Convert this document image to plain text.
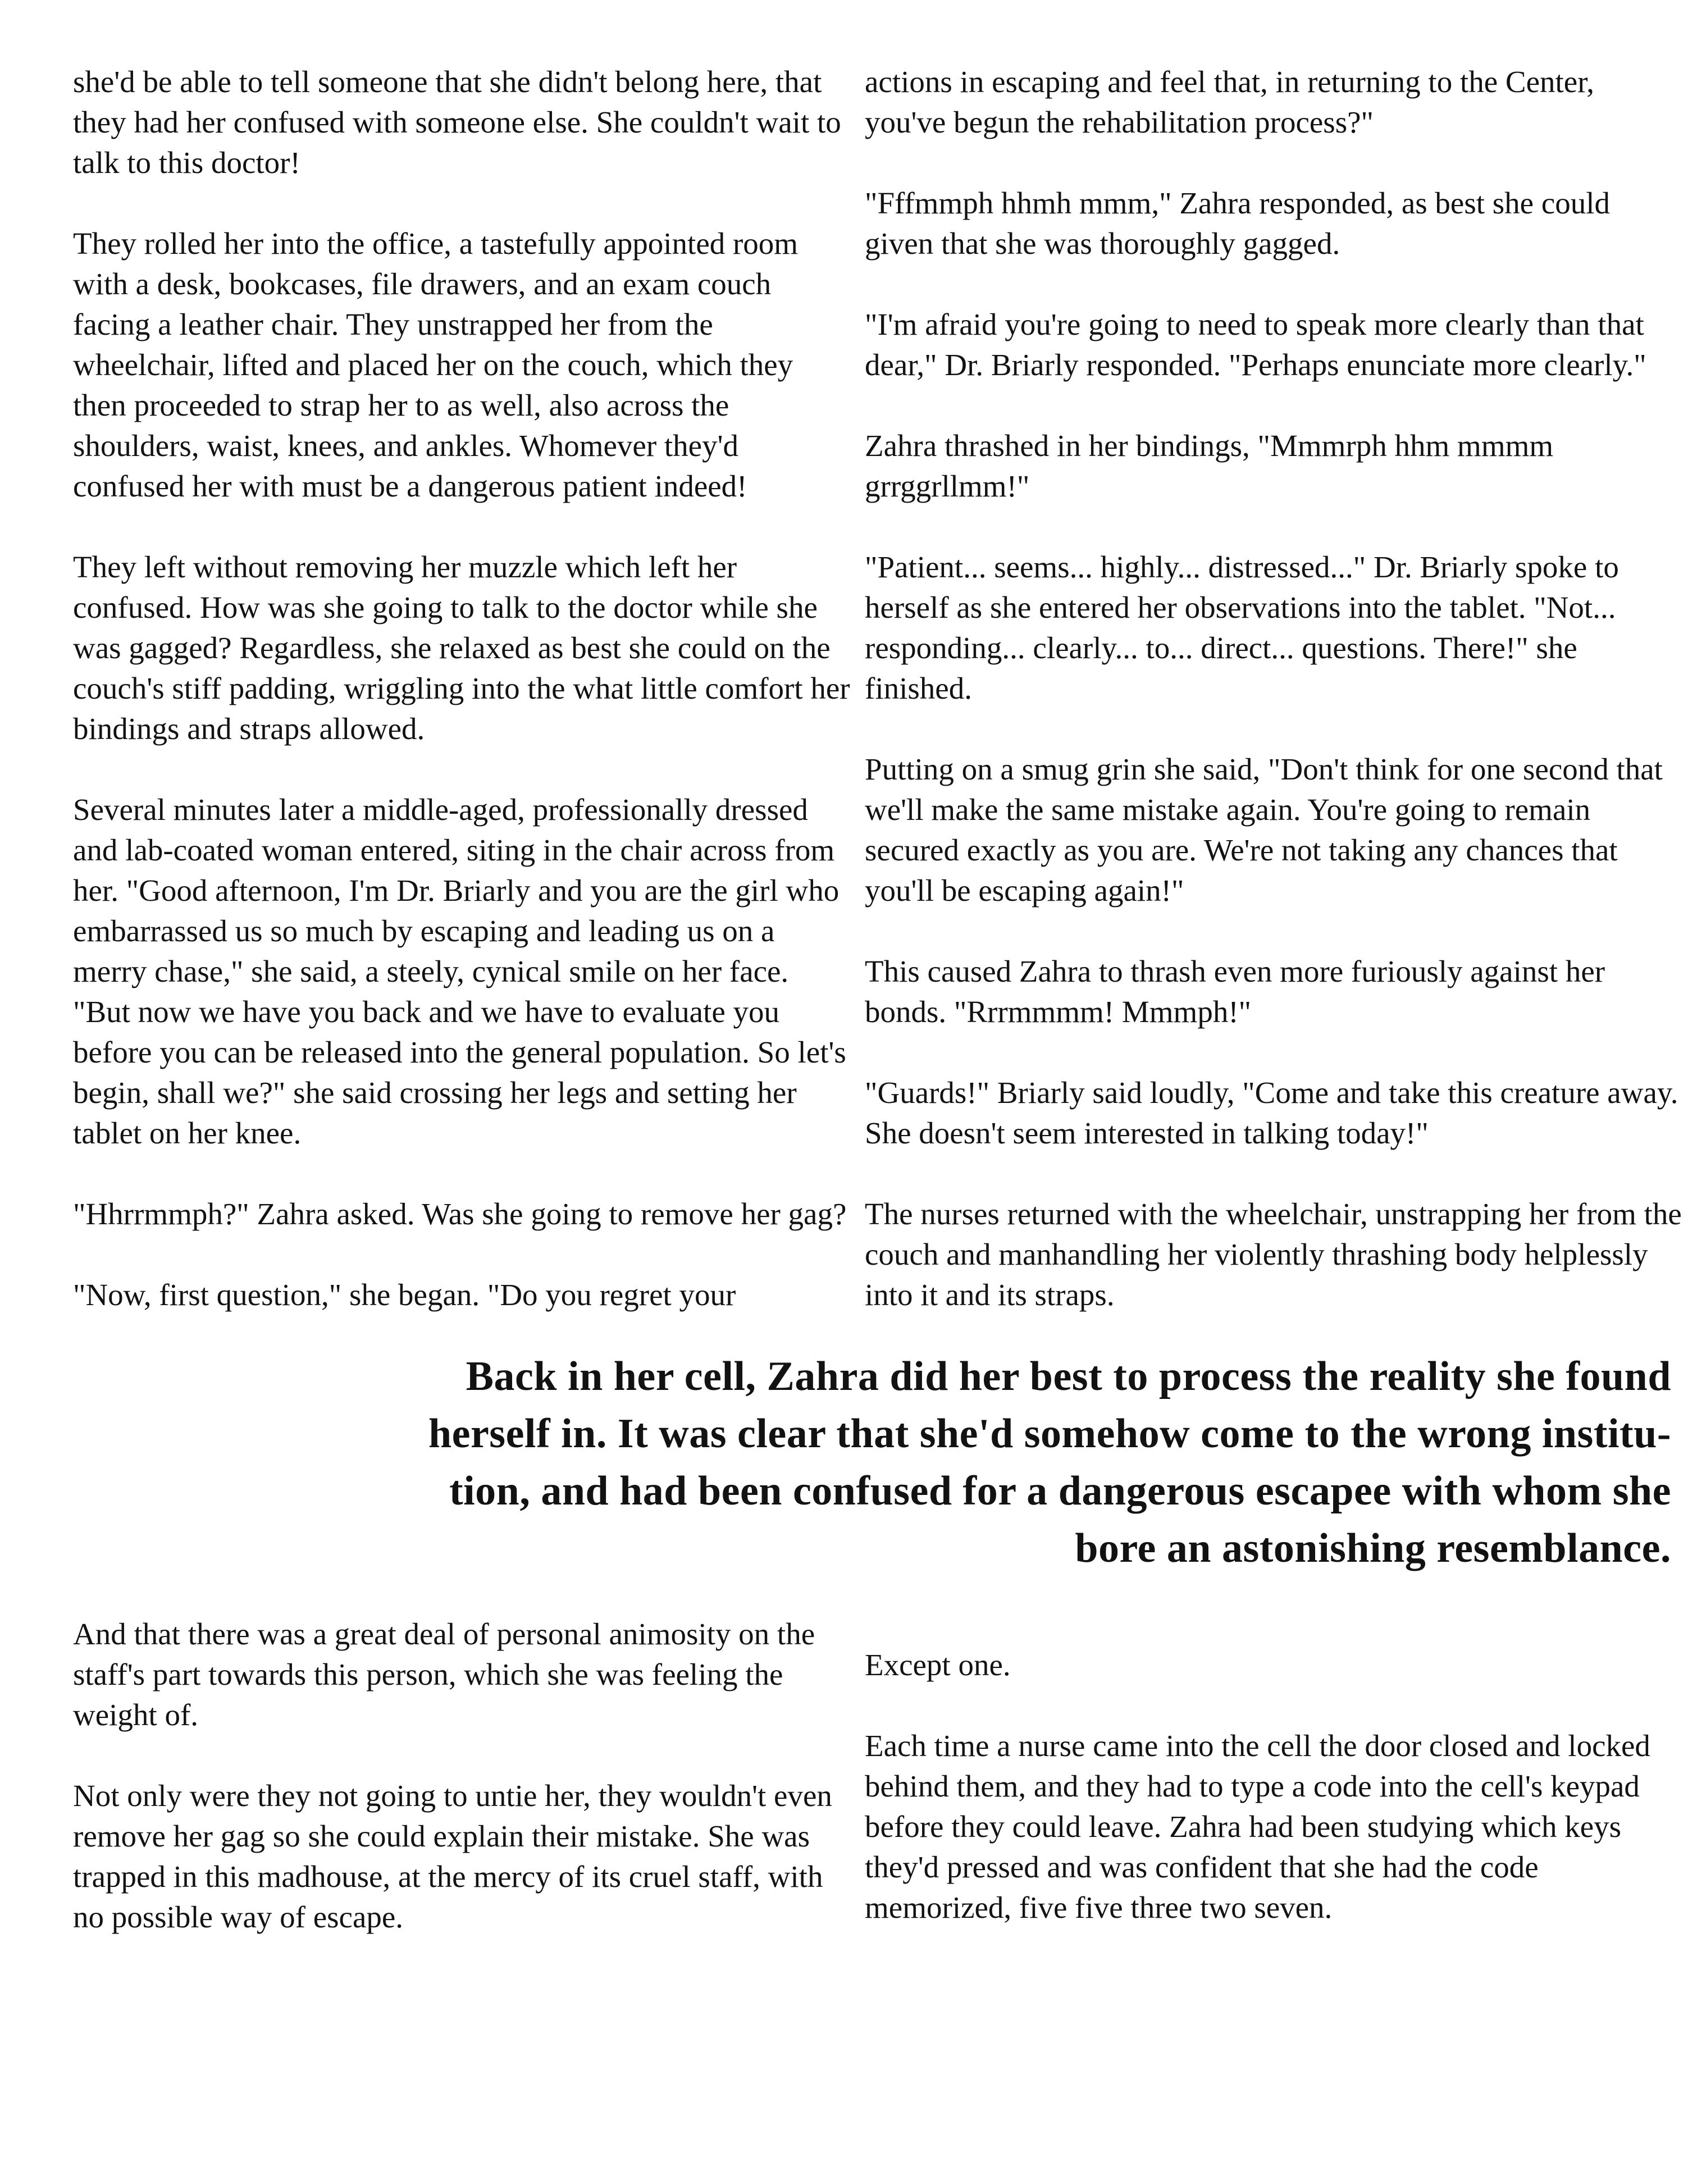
she'd be able to tell someone that she didn't belong here, that they had her confused with someone else. She couldn't wait to talk to this doctor!

They rolled her into the office, a tastefully appointed room with a desk, bookcases, file drawers, and an exam couch facing a leather chair. They unstrapped her from the wheelchair, lifted and placed her on the couch, which they then proceeded to strap her to as well, also across the shoulders, waist, knees, and ankles. Whomever they'd confused her with must be a dangerous patient indeed!

They left without removing her muzzle which left her confused. How was she going to talk to the doctor while she was gagged? Regardless, she relaxed as best she could on the couch's stiff padding, wriggling into the what little comfort her bindings and straps allowed.

Several minutes later a middle-aged, professionally dressed and lab-coated woman entered, siting in the chair across from her. "Good afternoon, I'm Dr. Briarly and you are the girl who embarrassed us so much by escaping and leading us on a merry chase," she said, a steely, cynical smile on her face. "But now we have you back and we have to evaluate you before you can be released into the general population. So let's begin, shall we?" she said crossing her legs and setting her tablet on her knee.

"Hhrrmmph?" Zahra asked. Was she going to remove her gag?

"Now, first question," she began. "Do you regret your

actions in escaping and feel that, in returning to the Center, you've begun the rehabilitation process?"

"Fffmmph hhmh mmm," Zahra responded, as best she could given that she was thoroughly gagged.

"I'm afraid you're going to need to speak more clearly than that dear," Dr. Briarly responded. "Perhaps enunciate more clearly."

Zahra thrashed in her bindings, "Mmmrph hhm mmmm grrggrllmm!"

"Patient... seems... highly... distressed..." Dr. Briarly spoke to herself as she entered her observations into the tablet. "Not... responding... clearly... to... direct... questions. There!" she finished.

Putting on a smug grin she said, "Don't think for one second that we'll make the same mistake again. You're going to remain secured exactly as you are. We're not taking any chances that you'll be escaping again!"

This caused Zahra to thrash even more furiously against her bonds. "Rrrmmmm! Mmmph!"

"Guards!" Briarly said loudly, "Come and take this creature away. She doesn't seem interested in talking today!"

The nurses returned with the wheelchair, unstrapping her from the couch and manhandling her violently thrashing body helplessly into it and its straps.

Back in her cell, Zahra did her best to process the reality she found
herself in. It was clear that she'd somehow come to the wrong institu-
tion, and had been confused for a dangerous escapee with whom she
bore an astonishing resemblance.

And that there was a great deal of personal animosity on the staff's part towards this person, which she was feeling the weight of.

Not only were they not going to untie her, they wouldn't even remove her gag so she could explain their mistake. She was trapped in this madhouse, at the mercy of its cruel staff, with no possible way of escape.

Except one.

Each time a nurse came into the cell the door closed and locked behind them, and they had to type a code into the cell's keypad before they could leave. Zahra had been studying which keys they'd pressed and was confident that she had the code memorized, five five three two seven.
